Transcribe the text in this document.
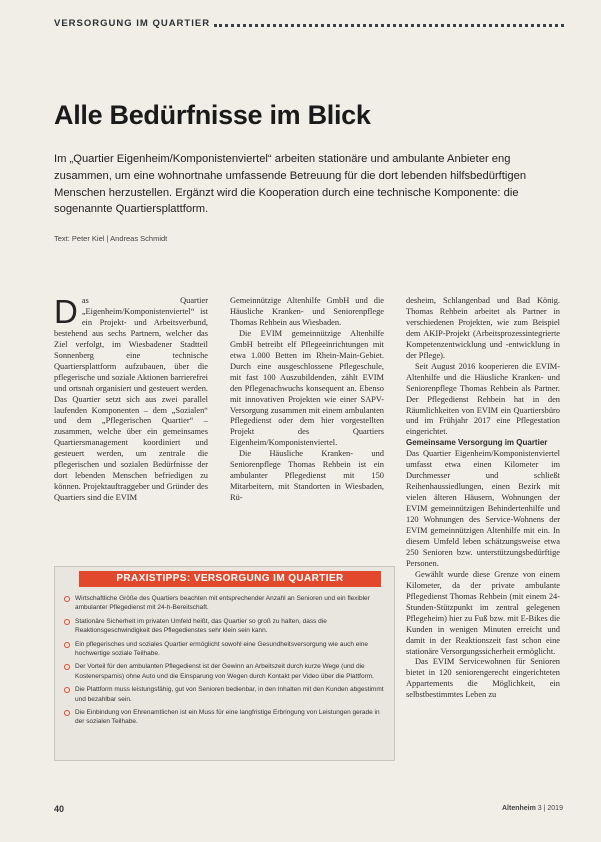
VERSORGUNG IM QUARTIER
Alle Bedürfnisse im Blick
Im „Quartier Eigenheim/Komponistenviertel“ arbeiten stationäre und ambulante Anbieter eng zusammen, um eine wohnortnahe umfassende Betreuung für die dort lebenden hilfsbedürftigen Menschen herzustellen. Ergänzt wird die Kooperation durch eine technische Komponente: die sogenannte Quartiersplattform.
Text: Peter Kiel | Andreas Schmidt

Das Quartier „Eigenheim/Komponistenviertel“ ist ein Projekt- und Arbeitsverbund, bestehend aus sechs Partnern, welcher das Ziel verfolgt, im Wiesbadener Stadtteil Sonnenberg eine technische Quartiersplattform aufzubauen, über die pflegerische und soziale Aktionen barrierefrei und ortsnah organisiert und gesteuert werden. Das Quartier setzt sich aus zwei parallel laufenden Komponenten – dem „Sozialen“ und dem „Pflegerischen Quartier“ – zusammen, welche über ein gemeinsames Quartiersmanagement koordiniert und gesteuert werden, um zentrale die pflegerischen und sozialen Bedürfnisse der dort lebenden Menschen befriedigen zu können. Projektauftraggeber und Gründer des Quartiers sind die EVIM

Gemeinnützige Altenhilfe GmbH und die Häusliche Kranken- und Seniorenpflege Thomas Rehbein aus Wiesbaden.

Die EVIM gemeinnützige Altenhilfe GmbH betreibt elf Pflegeeinrichtungen mit etwa 1.000 Betten im Rhein-Main-Gebiet. Durch eine ausgeschlossene Pflegeschule, mit fast 100 Auszubildenden, zählt EVIM den Pflegenachwuchs konsequent an. Ebenso mit innovativen Projekten wie einer SAPV-Versorgung zusammen mit einem ambulanten Pflegedienst oder dem hier vorgestellten Projekt des Quartiers Eigenheim/Komponistenviertel.

Die Häusliche Kranken- und Seniorenpflege Thomas Rehbein ist ein ambulanter Pflegedienst mit 150 Mitarbeitern, mit Standorten in Wiesbaden, Rü-

desheim, Schlangenbad und Bad König. Thomas Rehbein arbeitet als Partner in verschiedenen Projekten, wie zum Beispiel dem AKIP-Projekt (Arbeitsprozessintegrierte Kompetenzentwicklung und -entwicklung in der Pflege).

Seit August 2016 kooperieren die EVIM-Altenhilfe und die Häusliche Kranken- und Seniorenpflege Thomas Rehbein als Partner. Der Pflegedienst Rehbein hat in den Räumlichkeiten von EVIM ein Quartiersbüro und im Frühjahr 2017 eine Pflegestation eingerichtet.

Gemeinsame Versorgung im Quartier

Das Quartier Eigenheim/Komponistenviertel umfasst etwa einen Kilometer im Durchmesser und schließt Reihenhaussiedlungen, einen Bezirk mit vielen älteren Häusern, Wohnungen der EVIM gemeinnützigen Behindertenhilfe und 120 Wohnungen des Service-Wohnens der EVIM gemeinnützigen Altenhilfe mit ein. In diesem Umfeld leben schätzungsweise etwa 250 Senioren bzw. unterstützungsbedürftige Personen.

Gewählt wurde diese Grenze von einem Kilometer, da der private ambulante Pflegedienst Thomas Rehbein (mit einem 24-Stunden-Stützpunkt im zentral gelegenen Pflegeheim) hier zu Fuß bzw. mit E-Bikes die Kunden in wenigen Minuten erreicht und damit in der Reaktionszeit fast schon eine stationäre Versorgungssicherheit ermöglicht.

Das EVIM Servicewohnen für Senioren bietet in 120 seniorengerecht eingerichteten Appartements die Möglichkeit, ein selbstbestimmtes Leben zu

PRAXISTIPPS: VERSORGUNG IM QUARTIER
Wirtschaftliche Größe des Quartiers beachten mit entsprechender Anzahl an Senioren und ein flexibler ambulanter Pflegedienst mit 24-h-Bereitschaft.
Stationäre Sicherheit im privaten Umfeld heißt, das Quartier so groß zu halten, dass die Reaktionsgeschwindigkeit des Pflegedienstes sehr klein sein kann.
Ein pflegerisches und soziales Quartier ermöglicht sowohl eine Gesundheitsversorgung wie auch eine hochwertige soziale Teilhabe.
Der Vorteil für den ambulanten Pflegedienst ist der Gewinn an Arbeitszeit durch kurze Wege (und die Kostenersparnis) ohne Auto und die Einsparung von Wegen durch Kontakt per Video über die Plattform.
Die Plattform muss leistungsfähig, gut von Senioren bedienbar, in den Inhalten mit den Kunden abgestimmt und bezahlbar sein.
Die Einbindung von Ehrenamtlichen ist ein Muss für eine langfristige Erbringung von Leistungen gerade in der sozialen Teilhabe.
40	Altenheim 3 | 2019
